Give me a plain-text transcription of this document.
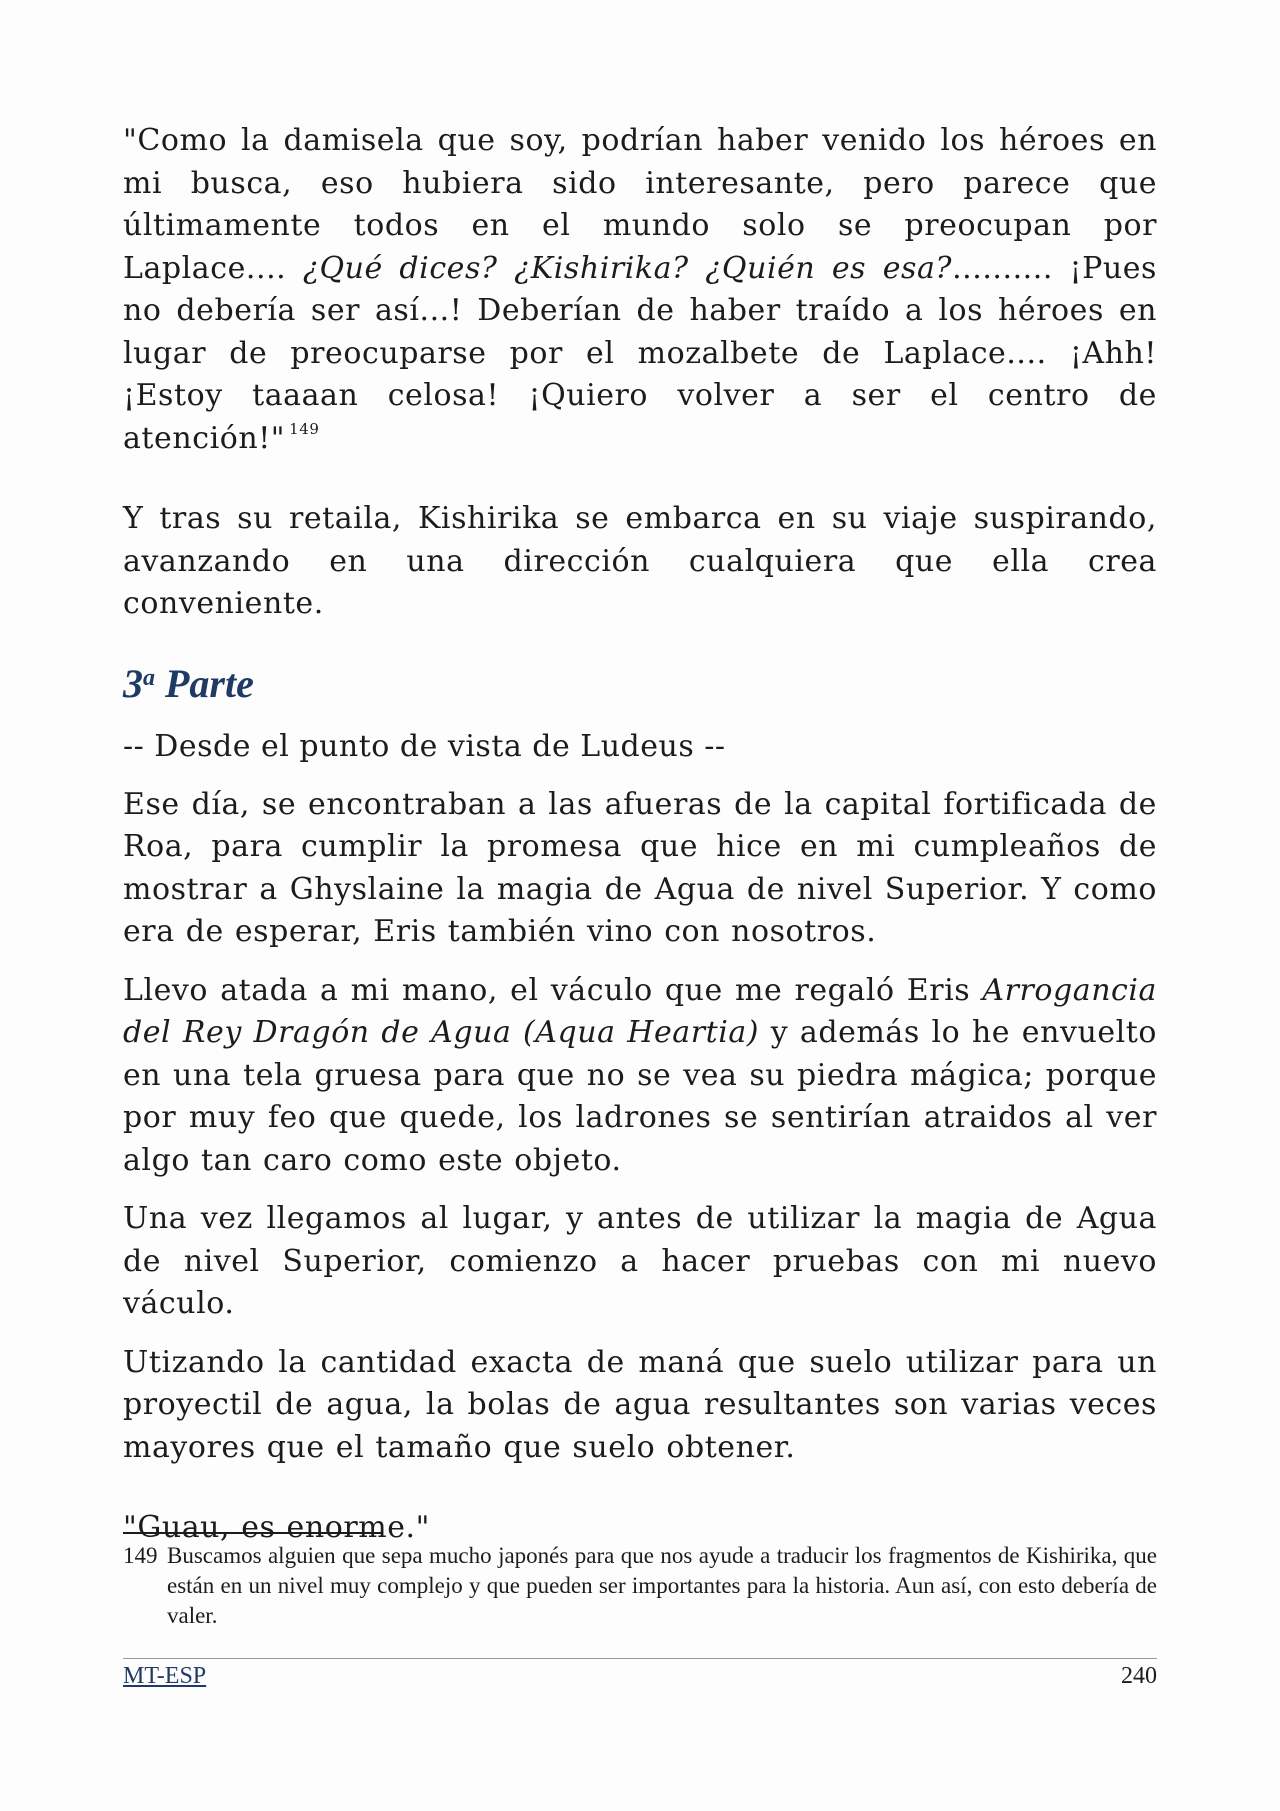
"Como la damisela que soy, podrían haber venido los héroes en mi busca, eso hubiera sido interesante, pero parece que últimamente todos en el mundo solo se preocupan por Laplace.... ¿Qué dices? ¿Kishirika? ¿Quién es esa?.......... ¡Pues no debería ser así...! Deberían de haber traído a los héroes en lugar de preocuparse por el mozalbete de Laplace.... ¡Ahh! ¡Estoy taaaan celosa! ¡Quiero volver a ser el centro de atención!" $^{149}$

Y tras su retaila, Kishirika se embarca en su viaje suspirando, avanzando en una dirección cualquiera que ella crea conveniente.

3$^a$ Parte

-- Desde el punto de vista de Ludeus --

Ese día, se encontraban a las afueras de la capital fortificada de Roa, para cumplir la promesa que hice en mi cumpleaños de mostrar a Ghyslaine la magia de Agua de nivel Superior. Y como era de esperar, Eris también vino con nosotros.

Llevo atada a mi mano, el váculo que me regaló Eris Arrogancia del Rey Dragón de Agua (Aqua Heartia) y además lo he envuelto en una tela gruesa para que no se vea su piedra mágica; porque por muy feo que quede, los ladrones se sentirían atraidos al ver algo tan caro como este objeto.

Una vez llegamos al lugar, y antes de utilizar la magia de Agua de nivel Superior, comienzo a hacer pruebas con mi nuevo váculo.

Utizando la cantidad exacta de maná que suelo utilizar para un proyectil de agua, la bolas de agua resultantes son varias veces mayores que el tamaño que suelo obtener.

"Guau, es enorme."

149 Buscamos alguien que sepa mucho japonés para que nos ayude a traducir los fragmentos de Kishirika, que están en un nivel muy complejo y que pueden ser importantes para la historia. Aun así, con esto debería de valer.
MT-ESP	240
